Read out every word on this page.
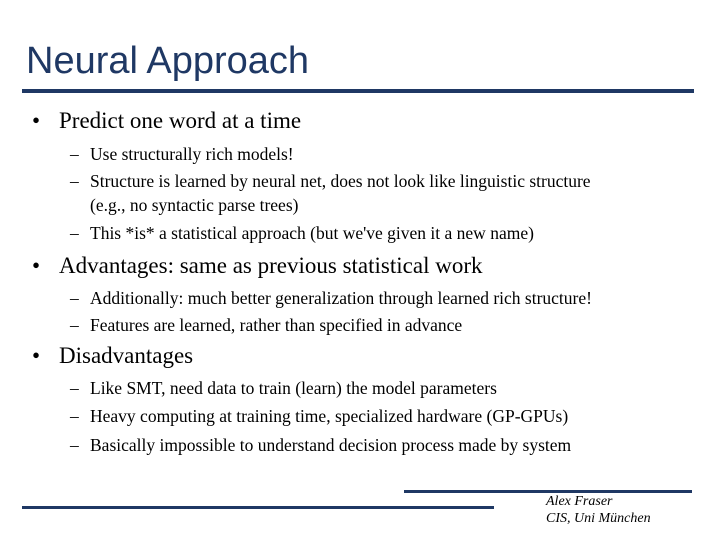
Neural Approach
• Predict one word at a time
– Use structurally rich models!
– Structure is learned by neural net, does not look like linguistic structure
(e.g., no syntactic parse trees)
– This *is* a statistical approach (but we've given it a new name)
• Advantages: same as previous statistical work
– Additionally: much better generalization through learned rich structure!
– Features are learned, rather than specified in advance
• Disadvantages
– Like SMT, need data to train (learn) the model parameters
– Heavy computing at training time, specialized hardware (GP-GPUs)
– Basically impossible to understand decision process made by system
Alex Fraser
CIS, Uni München
